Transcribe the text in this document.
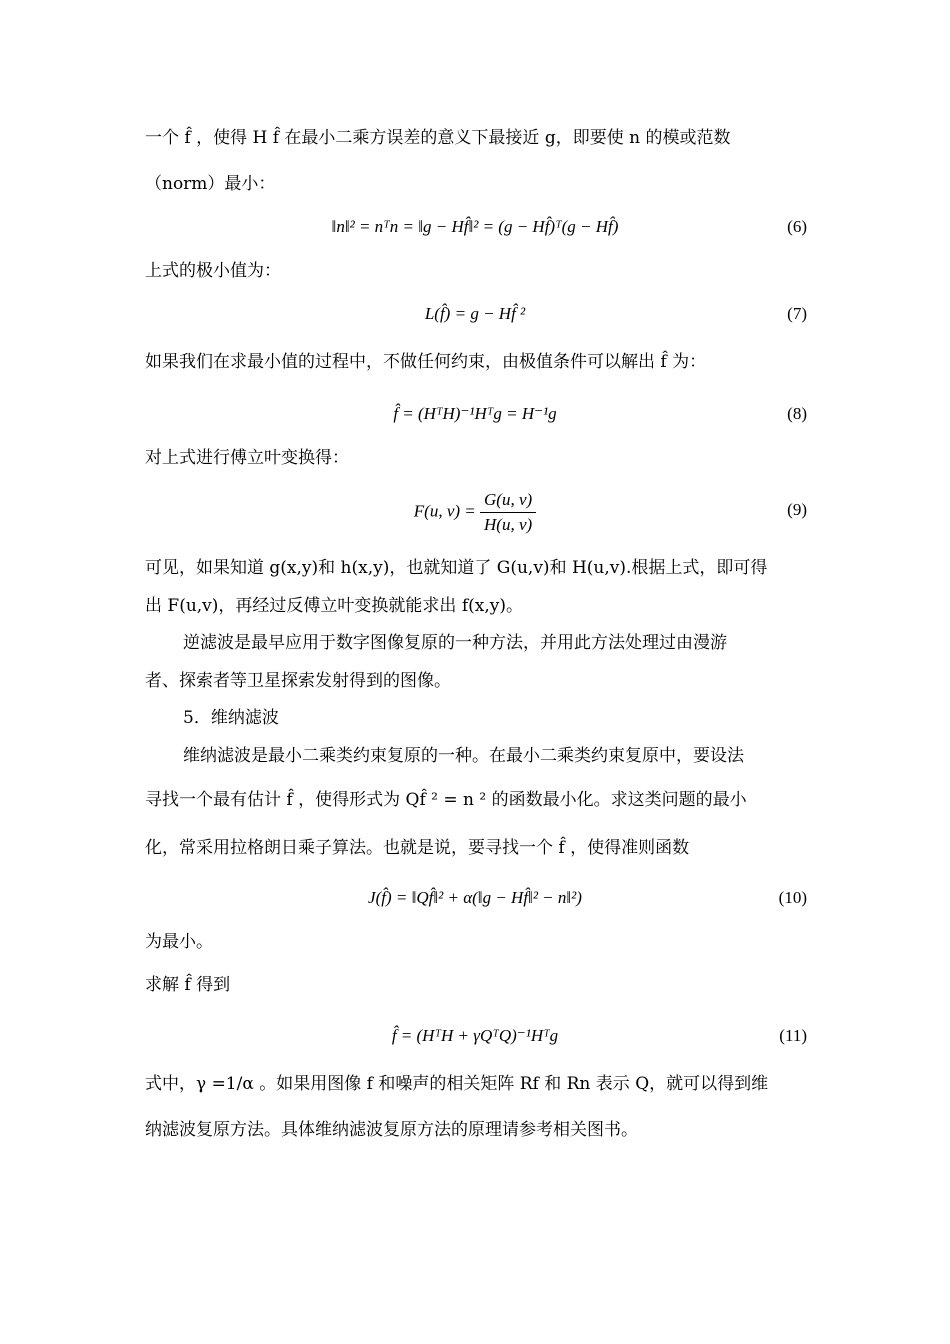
一个 f̂ ，使得 H f̂ 在最小二乘方误差的意义下最接近 g，即要使 n 的模或范数
（norm）最小：
‖n‖² = nᵀn = ‖g − Hf̂‖² = (g − Hf̂)ᵀ(g − Hf̂)	(6)
上式的极小值为：
L(f̂) = g − Hf̂ ²	(7)
如果我们在求最小值的过程中，不做任何约束，由极值条件可以解出 f̂ 为：
f̂ = (HᵀH)⁻¹Hᵀg = H⁻¹g	(8)
对上式进行傅立叶变换得：
F(u, $v) = \frac{G(u, v)}{H(u, v)}$	(9)
可见，如果知道 g(x,y)和 h(x,y)，也就知道了 G(u,v)和 H(u,v).根据上式，即可得
出 F(u,v)，再经过反傅立叶变换就能求出 f(x,y)。
逆滤波是最早应用于数字图像复原的一种方法，并用此方法处理过由漫游
者、探索者等卫星探索发射得到的图像。
5．维纳滤波
维纳滤波是最小二乘类约束复原的一种。在最小二乘类约束复原中，要设法
寻找一个最有估计 f̂ ，使得形式为 Qf̂ ² = n ² 的函数最小化。求这类问题的最小
化，常采用拉格朗日乘子算法。也就是说，要寻找一个 f̂ ，使得准则函数
J(f̂) = ‖Qf̂‖² + α(‖g − Hf̂‖² − n‖²)	(10)
为最小。
求解 f̂ 得到
f̂ = (HᵀH + γQᵀQ)⁻¹Hᵀg	(11)
式中，γ =1/α 。如果用图像 f 和噪声的相关矩阵 Rf 和 Rn 表示 Q，就可以得到维
纳滤波复原方法。具体维纳滤波复原方法的原理请参考相关图书。
